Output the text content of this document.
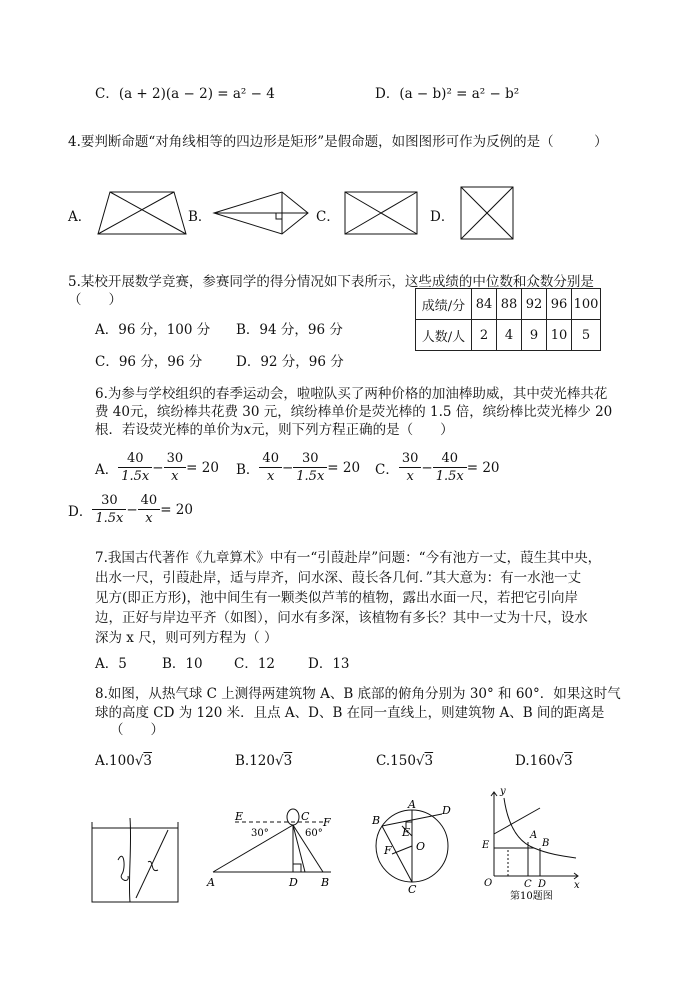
C．(a + 2)(a − 2) = a² − 4	D．(a − b)² = a² − b²
4.要判断命题“对角线相等的四边形是矩形”是假命题，如图图形可作为反例的是（　　　）
A．	B．	C．	D．
5.某校开展数学竞赛，参赛同学的得分情况如下表所示，这些成绩的中位数和众数分别是
（　　）	成绩/分	84	88	92	96	100
人数/人	2	4	9	10	5
A．96 分，100 分 B．94 分，96 分
C．96 分，96 分 D．92 分，96 分
6.为参与学校组织的春季运动会，啦啦队买了两种价格的加油棒助威，其中荧光棒共花
费 40元，缤纷棒共花费 30 元，缤纷棒单价是荧光棒的 1.5 倍，缤纷棒比荧光棒少 20
根．若设荧光棒的单价为x元，则下列方程正确的是（　　）
A． $\frac{40}{1.5x} - \frac{30}{x} = 20$ B． $\frac{40}{x} - \frac{30}{1.5x} = 20$ C． $\frac{30}{x} - \frac{40}{1.5x} = 20$
D． $\frac{30}{1.5x} - \frac{40}{x} = 20$
7.我国古代著作《九章算术》中有一“引葭赴岸”问题：“今有池方一丈，葭生其中央，
出水一尺，引葭赴岸，适与岸齐，问水深、葭长各几何．”其大意为：有一水池一丈
见方(即正方形)，池中间生有一颗类似芦苇的植物，露出水面一尺，若把它引向岸
边，正好与岸边平齐（如图），问水有多深，该植物有多长？其中一丈为十尺，设水
深为 x 尺，则可列方程为（ ）
A．5	B．10 C．12 D．13
8.如图，从热气球 C 上测得两建筑物 A、B 底部的俯角分别为 30° 和 60°．如果这时气
球的高度 CD 为 120 米．且点 A、D、B 在同一直线上，则建筑物 A、B 间的距离是
（　　）
A.100√3	B.120√3	C.150√3	D.160√3
E	C F
30°	60°
A	D B
A
B
D
E
O
F
C
y
x
O
E
A
B
C D
第10题图
